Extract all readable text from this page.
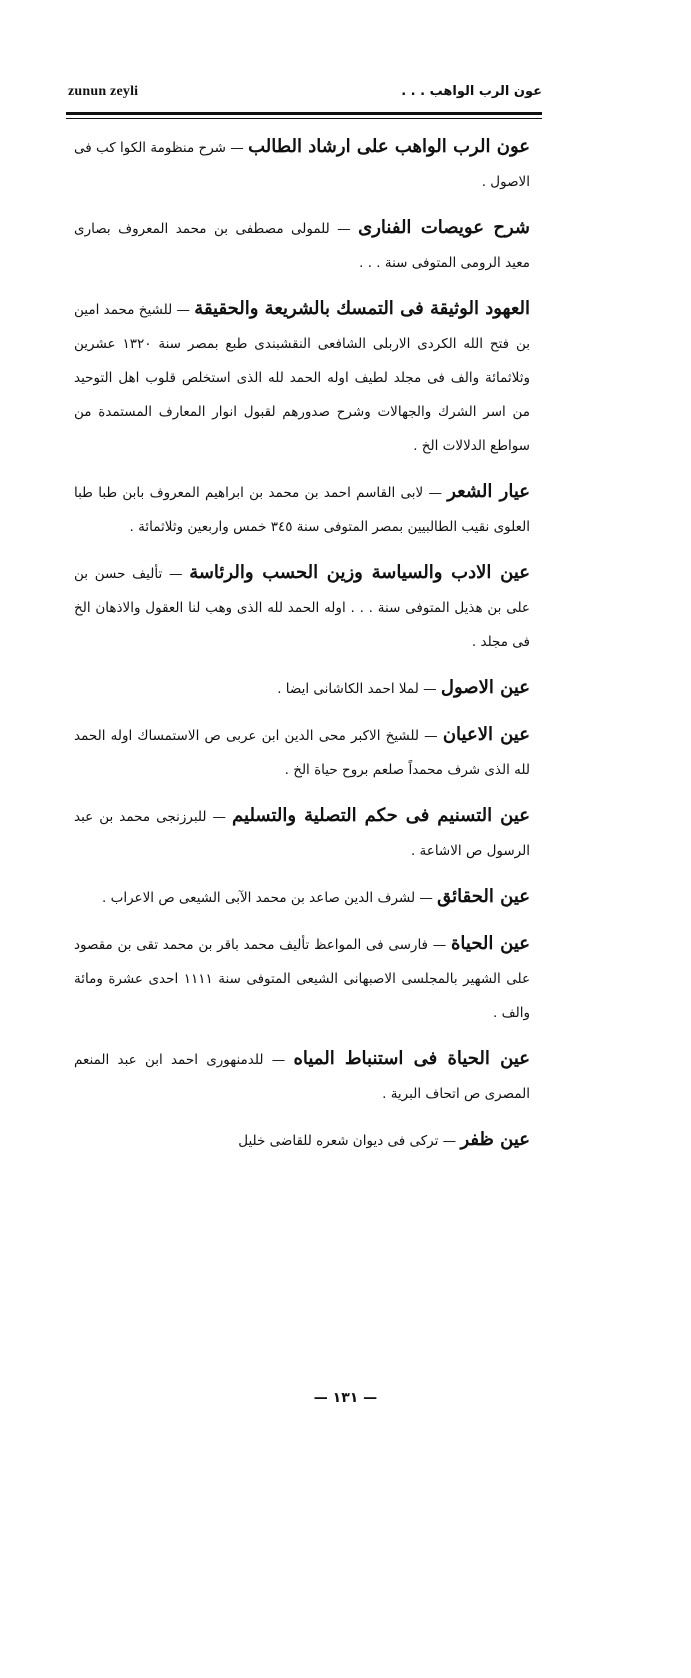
zunun zeyli	عون الرب الواهب . . .

عون الرب الواهب على ارشاد الطالب — شرح منظومة الكوا كب فى الاصول .

شرح عويصات الفنارى — للمولى مصطفى بن محمد المعروف بصارى معيد الرومى المتوفى سنة . . .

العهود الوثيقة فى التمسك بالشريعة والحقيقة — للشيخ محمد امين بن فتح الله الكردى الاربلى الشافعى النقشبندى طبع بمصر سنة ١٣٢٠ عشرين وثلاثمائة والف فى مجلد لطيف اوله الحمد لله الذى استخلص قلوب اهل التوحيد من اسر الشرك والجهالات وشرح صدورهم لقبول انوار المعارف المستمدة من سواطع الدلالات الخ .

عيار الشعر — لابى القاسم احمد بن محمد بن ابراهيم المعروف بابن طبا طبا العلوى نقيب الطالبيين بمصر المتوفى سنة ٣٤٥ خمس واربعين وثلاثمائة .

عين الادب والسياسة وزين الحسب والرئاسة — تأليف حسن بن على بن هذيل المتوفى سنة . . . اوله الحمد لله الذى وهب لنا العقول والاذهان الخ فى مجلد .

عين الاصول — لملا احمد الكاشانى ايضا .

عين الاعيان — للشيخ الاكبر محى الدين ابن عربى ص الاستمساك اوله الحمد لله الذى شرف محمداً صلعم بروح حياة الخ .

عين التسنيم فى حكم التصلية والتسليم — للبرزنجى محمد بن عبد الرسول ص الاشاعة .

عين الحقائق — لشرف الدين صاعد بن محمد الآبى الشيعى ص الاعراب .

عين الحياة — فارسى فى المواعظ تأليف محمد باقر بن محمد تقى بن مقصود على الشهير بالمجلسى الاصبهانى الشيعى المتوفى سنة ١١١١ احدى عشرة ومائة والف .

عين الحياة فى استنباط المياه — للدمنهورى احمد ابن عبد المنعم المصرى ص اتحاف البرية .

عين ظفر — تركى فى ديوان شعره للقاضى خليل

— ١٣١ —
